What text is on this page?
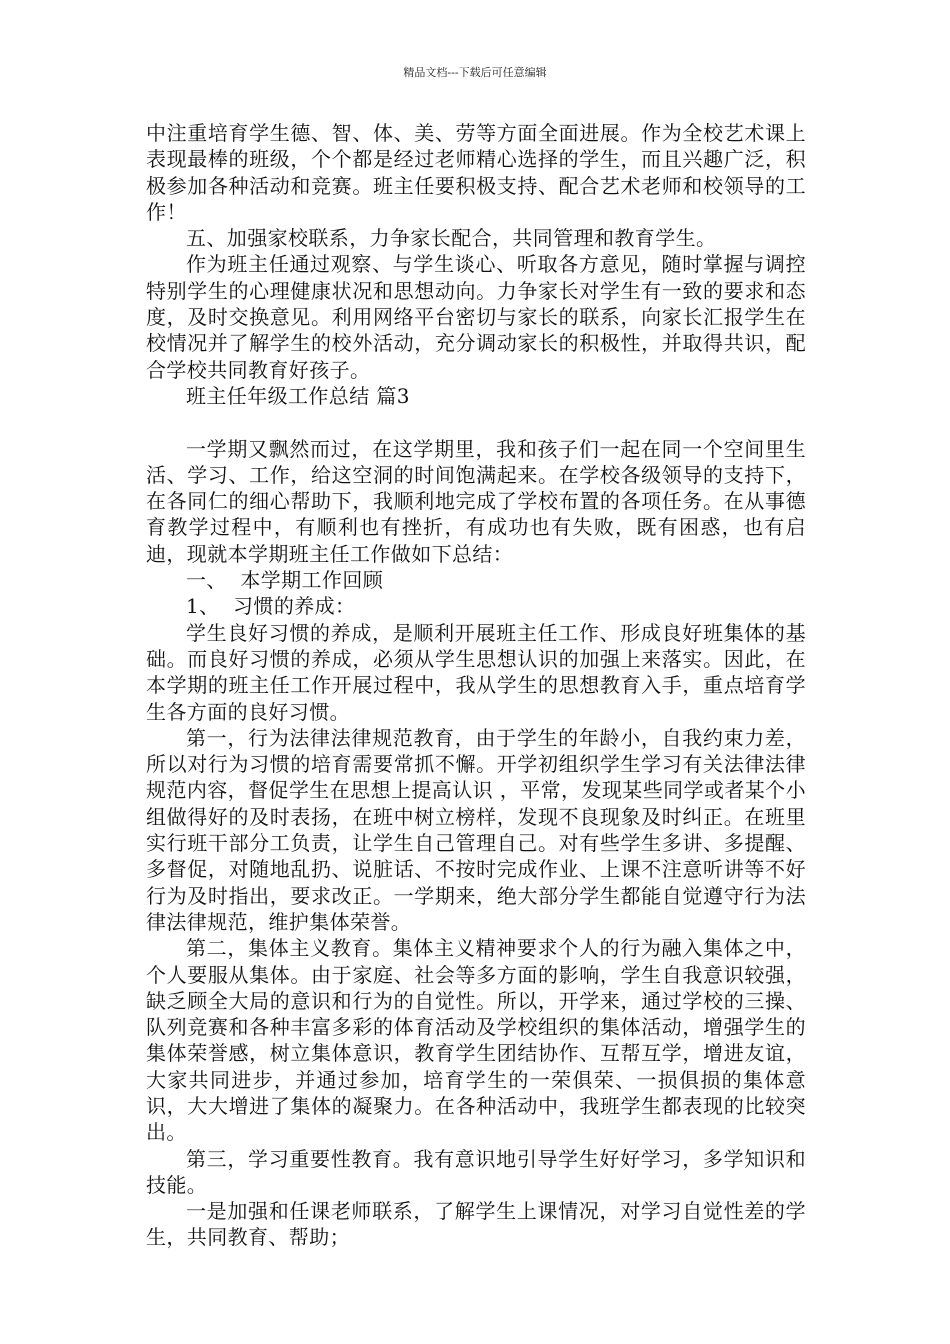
精品文档---下载后可任意编辑

中注重培育学生德、智、体、美、劳等方面全面进展。作为全校艺术课上表现最棒的班级，个个都是经过老师精心选择的学生，而且兴趣广泛，积极参加各种活动和竞赛。班主任要积极支持、配合艺术老师和校领导的工作！

五、加强家校联系，力争家长配合，共同管理和教育学生。

作为班主任通过观察、与学生谈心、听取各方意见，随时掌握与调控特别学生的心理健康状况和思想动向。力争家长对学生有一致的要求和态度，及时交换意见。利用网络平台密切与家长的联系，向家长汇报学生在校情况并了解学生的校外活动，充分调动家长的积极性，并取得共识，配合学校共同教育好孩子。

班主任年级工作总结 篇3

一学期又飘然而过，在这学期里，我和孩子们一起在同一个空间里生活、学习、工作，给这空洞的时间饱满起来。在学校各级领导的支持下，在各同仁的细心帮助下，我顺利地完成了学校布置的各项任务。在从事德育教学过程中，有顺利也有挫折，有成功也有失败，既有困惑，也有启迪，现就本学期班主任工作做如下总结：

一、  本学期工作回顾

1、  习惯的养成：

学生良好习惯的养成，是顺利开展班主任工作、形成良好班集体的基础。而良好习惯的养成，必须从学生思想认识的加强上来落实。因此，在本学期的班主任工作开展过程中，我从学生的思想教育入手，重点培育学生各方面的良好习惯。

第一，行为法律法律规范教育，由于学生的年龄小，自我约束力差，所以对行为习惯的培育需要常抓不懈。开学初组织学生学习有关法律法律规范内容，督促学生在思想上提高认识 ，平常，发现某些同学或者某个小组做得好的及时表扬，在班中树立榜样，发现不良现象及时纠正。在班里实行班干部分工负责，让学生自己管理自己。对有些学生多讲、多提醒、多督促，对随地乱扔、说脏话、不按时完成作业、上课不注意听讲等不好行为及时指出，要求改正。一学期来，绝大部分学生都能自觉遵守行为法律法律规范，维护集体荣誉。

第二，集体主义教育。集体主义精神要求个人的行为融入集体之中，个人要服从集体。由于家庭、社会等多方面的影响，学生自我意识较强，缺乏顾全大局的意识和行为的自觉性。所以，开学来，通过学校的三操、队列竞赛和各种丰富多彩的体育活动及学校组织的集体活动，增强学生的集体荣誉感，树立集体意识，教育学生团结协作、互帮互学，增进友谊，大家共同进步，并通过参加，培育学生的一荣俱荣、一损俱损的集体意识，大大增进了集体的凝聚力。在各种活动中，我班学生都表现的比较突出。

第三，学习重要性教育。我有意识地引导学生好好学习，多学知识和技能。

一是加强和任课老师联系，了解学生上课情况，对学习自觉性差的学生，共同教育、帮助；
